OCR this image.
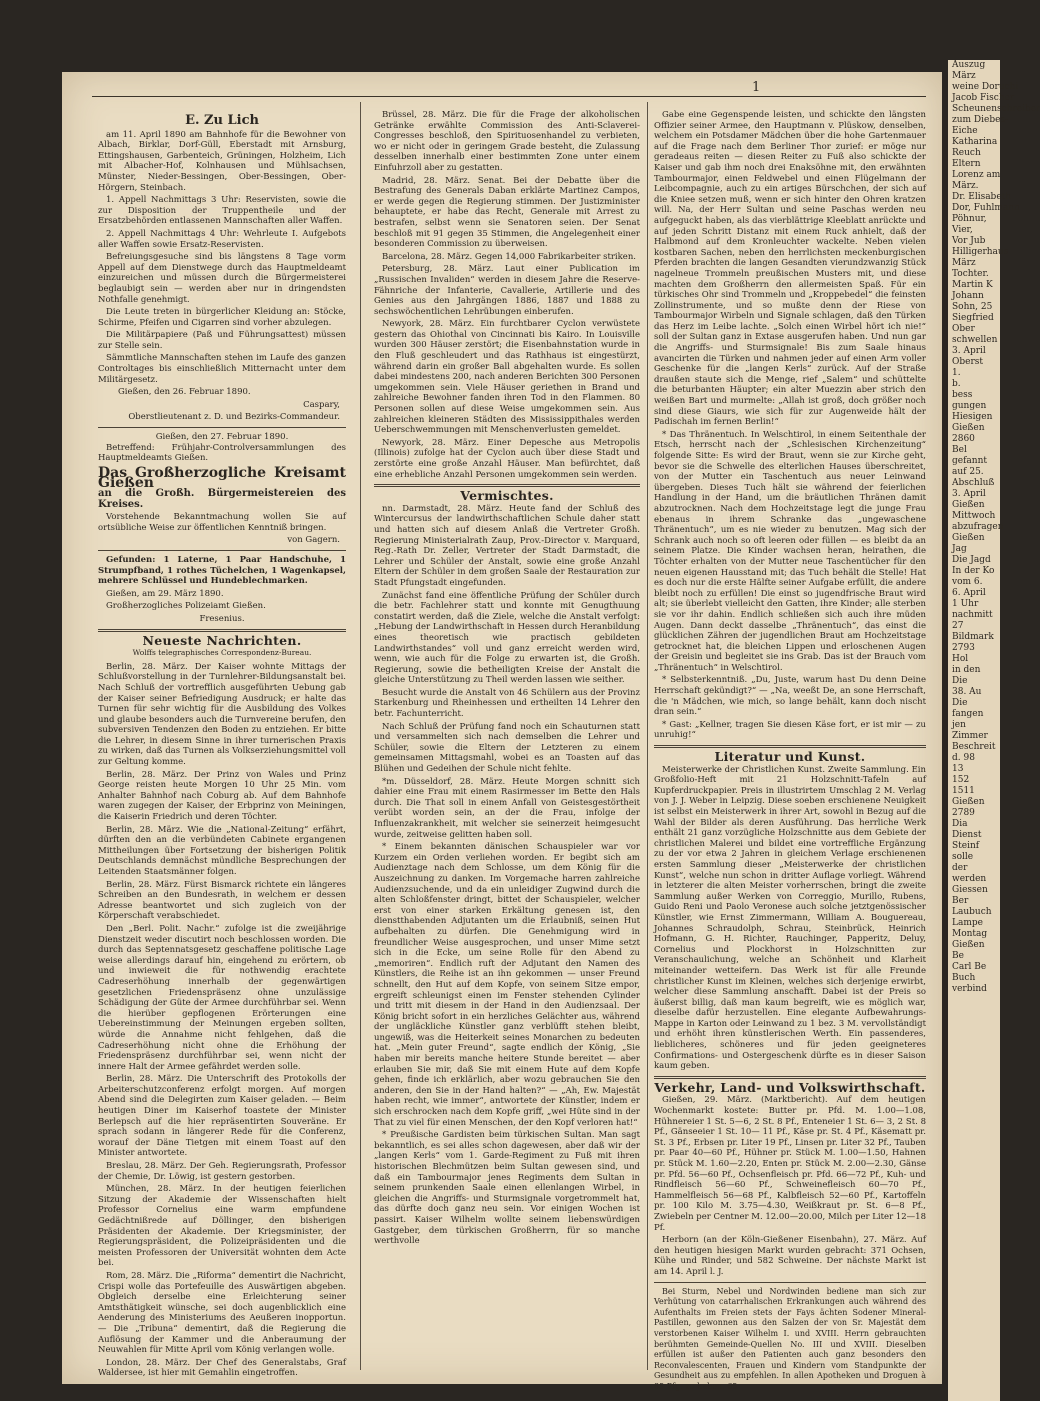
Auszug
März
weine Doruchi
Jacob Fischer
Scheunenschreiber
zum Diebes-
Eiche
Katharina
Reuch
Eltern
Lorenz am
März.
Dr. Elisabeth
Dor, Fuhlmann
Pöhnur,
Vier,
Vor Jub
Hilligerhaus
März
Tochter.
Martin K
Johann
Sohn, 25
Siegfried
Ober
schwellen
3. April
Oberst
1.
b.
bess
gungen
Hiesigen
Gießen
2860
Bel
gefannt
auf 25.
Abschluß
3. April
Gießen
Mittwoch
abzufragen
Gießen
Jag
Die Jagd
In der Ko
vom 6.
6. April
1 Uhr
nachmitt
27
Bildmark
2793
Hol
in den
Die
38. Au
Die
fangen
jen
Zimmer
Beschreit
d. 98
13
152
1511
Gießen
2789
Dia
Dienst
Steinf
solle
der
werden
Giessen
Ber
Laubuch
Lampe
Montag
Gießen
Be
Carl Be
Buch
verbind
1
E. Zu Lich
am 11. April 1890 am Bahnhofe für die Bewohner von Albach, Birklar, Dorf-Güll, Eberstadt mit Arnsburg, Ettingshausen, Garbenteich, Grüningen, Holzheim, Lich mit Albacher-Hof, Kolnhausen und Mühlsachsen, Münster, Nieder-Bessingen, Ober-Bessingen, Ober-Hörgern, Steinbach.
1. Appell Nachmittags 3 Uhr: Reservisten, sowie die zur Disposition der Truppentheile und der Ersatzbehörden entlassenen Mannschaften aller Waffen.
2. Appell Nachmittags 4 Uhr: Wehrleute I. Aufgebots aller Waffen sowie Ersatz-Reservisten.
Befreiungsgesuche sind bis längstens 8 Tage vorm Appell auf dem Dienstwege durch das Hauptmeldeamt einzureichen und müssen durch die Bürgermeisterei beglaubigt sein — werden aber nur in dringendsten Nothfalle genehmigt.
Die Leute treten in bürgerlicher Kleidung an: Stöcke, Schirme, Pfeifen und Cigarren sind vorher abzulegen.
Die Militärpapiere (Paß und Führungsattest) müssen zur Stelle sein.
Sämmtliche Mannschaften stehen im Laufe des ganzen Controltages bis einschließlich Mitternacht unter dem Militärgesetz.
Gießen, den 26. Februar 1890.
Caspary,
Oberstlieutenant z. D. und Bezirks-Commandeur.
Gießen, den 27. Februar 1890.
Betreffend: Frühjahr-Controlversammlungen des Hauptmeldeamts Gießen.
Das Großherzogliche Kreisamt Gießen
an die Großh. Bürgermeistereien des Kreises.
Vorstehende Bekanntmachung wollen Sie auf ortsübliche Weise zur öffentlichen Kenntniß bringen.
von Gagern.
Gefunden: 1 Laterne, 1 Paar Handschuhe, 1 Strumpfband, 1 rothes Tüchelchen, 1 Wagenkapsel, mehrere Schlüssel und Hundeblechmarken.
Gießen, am 29. März 1890.
Großherzogliches Polizeiamt Gießen.
Fresenius.
Neueste Nachrichten.
Wolffs telegraphisches Correspondenz-Bureau.
Berlin, 28. März. Der Kaiser wohnte Mittags der Schlußvorstellung in der Turnlehrer-Bildungsanstalt bei. Nach Schluß der vortrefflich ausgeführten Uebung gab der Kaiser seiner Befriedigung Ausdruck; er halte das Turnen für sehr wichtig für die Ausbildung des Volkes und glaube besonders auch die Turnvereine berufen, den subversiven Tendenzen den Boden zu entziehen. Er bitte die Lehrer, in diesem Sinne in ihrer turnerischen Praxis zu wirken, daß das Turnen als Volkserziehungsmittel voll zur Geltung komme.
Berlin, 28. März. Der Prinz von Wales und Prinz George reisten heute Morgen 10 Uhr 25 Min. vom Anhalter Bahnhof nach Coburg ab. Auf dem Bahnhofe waren zugegen der Kaiser, der Erbprinz von Meiningen, die Kaiserin Friedrich und deren Töchter.
Berlin, 28. März. Wie die „National-Zeitung“ erfährt, dürften den an die verbündeten Cabinete ergangenen Mittheilungen über Fortsetzung der bisherigen Politik Deutschlands demnächst mündliche Besprechungen der Leitenden Staatsmänner folgen.
Berlin, 28. März. Fürst Bismarck richtete ein längeres Schreiben an den Bundesrath, in welchem er dessen Adresse beantwortet und sich zugleich von der Körperschaft verabschiedet.
Den „Berl. Polit. Nachr.“ zufolge ist die zweijährige Dienstzeit weder discutirt noch beschlossen worden. Die durch das Septennatsgesetz geschaffene politische Lage weise allerdings darauf hin, eingehend zu erörtern, ob und inwieweit die für nothwendig erachtete Cadreserhöhung innerhalb der gegenwärtigen gesetzlichen Friedenspräsenz ohne unzulässige Schädigung der Güte der Armee durchführbar sei. Wenn die hierüber gepflogenen Erörterungen eine Uebereinstimmung der Meinungen ergeben sollten, würde die Annahme nicht fehlgehen, daß die Cadreserhöhung nicht ohne die Erhöhung der Friedenspräsenz durchführbar sei, wenn nicht der innere Halt der Armee gefährdet werden solle.
Berlin, 28. März. Die Unterschrift des Protokolls der Arbeiterschutzconferenz erfolgt morgen. Auf morgen Abend sind die Delegirten zum Kaiser geladen. — Beim heutigen Diner im Kaiserhof toastete der Minister Berlepsch auf die hier repräsentirten Souveräne. Er sprach sodann in längerer Rede für die Conferenz, worauf der Däne Tietgen mit einem Toast auf den Minister antwortete.
Breslau, 28. März. Der Geh. Regierungsrath, Professor der Chemie, Dr. Löwig, ist gestern gestorben.
München, 28. März. In der heutigen feierlichen Sitzung der Akademie der Wissenschaften hielt Professor Cornelius eine warm empfundene Gedächtnißrede auf Döllinger, den bisherigen Präsidenten der Akademie. Der Kriegsminister, der Regierungspräsident, die Polizeipräsidenten und die meisten Professoren der Universität wohnten dem Acte bei.
Rom, 28. März. Die „Riforma“ dementirt die Nachricht, Crispi wolle das Portefeuille des Auswärtigen abgeben. Obgleich derselbe eine Erleichterung seiner Amtsthätigkeit wünsche, sei doch augenblicklich eine Aenderung des Ministeriums des Aeußeren inopportun. — Die „Tribuna“ dementirt, daß die Regierung die Auflösung der Kammer und die Anberaumung der Neuwahlen für Mitte April vom König verlangen wolle.
London, 28. März. Der Chef des Generalstabs, Graf Waldersee, ist hier mit Gemahlin eingetroffen.
Brüssel, 28. März. Die für die Frage der alkoholischen Getränke erwählte Commission des Anti-Sclaverei-Congresses beschloß, den Spirituosenhandel zu verbieten, wo er nicht oder in geringem Grade besteht, die Zulassung desselben innerhalb einer bestimmten Zone unter einem Einfuhrzoll aber zu gestatten.
Madrid, 28. März. Senat. Bei der Debatte über die Bestrafung des Generals Daban erklärte Martinez Campos, er werde gegen die Regierung stimmen. Der Justizminister behauptete, er habe das Recht, Generale mit Arrest zu bestrafen, selbst wenn sie Senatoren seien. Der Senat beschloß mit 91 gegen 35 Stimmen, die Angelegenheit einer besonderen Commission zu überweisen.
Barcelona, 28. März. Gegen 14,000 Fabrikarbeiter striken.
Petersburg, 28. März. Laut einer Publication im „Russischen Invaliden“ werden in diesem Jahre die Reserve-Fähnriche der Infanterie, Cavallerie, Artillerie und des Genies aus den Jahrgängen 1886, 1887 und 1888 zu sechswöchentlichen Lehrübungen einberufen.
Newyork, 28. März. Ein furchtbarer Cyclon verwüstete gestern das Ohiothal von Cincinnati bis Kairo. In Louisville wurden 300 Häuser zerstört; die Eisenbahnstation wurde in den Fluß geschleudert und das Rathhaus ist eingestürzt, während darin ein großer Ball abgehalten wurde. Es sollen dabei mindestens 200, nach anderen Berichten 300 Personen umgekommen sein. Viele Häuser geriethen in Brand und zahlreiche Bewohner fanden ihren Tod in den Flammen. 80 Personen sollen auf diese Weise umgekommen sein. Aus zahlreichen kleineren Städten des Mississippithales werden Ueberschwemmungen mit Menschenverlusten gemeldet.
Newyork, 28. März. Einer Depesche aus Metropolis (Illinois) zufolge hat der Cyclon auch über diese Stadt und zerstörte eine große Anzahl Häuser. Man befürchtet, daß eine erhebliche Anzahl Personen umgekommen sein werden.
Vermischtes.
nn. Darmstadt, 28. März. Heute fand der Schluß des Wintercursus der landwirthschaftlichen Schule daher statt und hatten sich auf diesem Anlaß die Vertreter Großh. Regierung Ministerialrath Zaup, Prov.-Director v. Marquard, Reg.-Rath Dr. Zeller, Vertreter der Stadt Darmstadt, die Lehrer und Schüler der Anstalt, sowie eine große Anzahl Eltern der Schüler in dem großen Saale der Restauration zur Stadt Pfungstadt eingefunden.
Zunächst fand eine öffentliche Prüfung der Schüler durch die betr. Fachlehrer statt und konnte mit Genugthuung constatirt werden, daß die Ziele, welche die Anstalt verfolgt: „Hebung der Landwirthschaft in Hessen durch Heranbildung eines theoretisch wie practisch gebildeten Landwirthstandes“ voll und ganz erreicht werden wird, wenn, wie auch für die Folge zu erwarten ist, die Großh. Regierung, sowie die betheiligten Kreise der Anstalt die gleiche Unterstützung zu Theil werden lassen wie seither.
Besucht wurde die Anstalt von 46 Schülern aus der Provinz Starkenburg und Rheinhessen und ertheilten 14 Lehrer den betr. Fachunterricht.
Nach Schluß der Prüfung fand noch ein Schauturnen statt und versammelten sich nach demselben die Lehrer und Schüler, sowie die Eltern der Letzteren zu einem gemeinsamen Mittagsmahl, wobei es an Toasten auf das Blühen und Gedeihen der Schule nicht fehlte.
*m. Düsseldorf, 28. März. Heute Morgen schnitt sich dahier eine Frau mit einem Rasirmesser im Bette den Hals durch. Die That soll in einem Anfall von Geistesgestörtheit verübt worden sein, an der die Frau, infolge der Influenzakrankheit, mit welcher sie seinerzeit heimgesucht wurde, zeitweise gelitten haben soll.
* Einem bekannten dänischen Schauspieler war vor Kurzem ein Orden verliehen worden. Er begibt sich am Audienztage nach dem Schlosse, um dem König für die Auszeichnung zu danken. Im Vorgemache harren zahlreiche Audienzsuchende, und da ein unleidiger Zugwind durch die alten Schloßfenster dringt, bittet der Schauspieler, welcher erst von einer starken Erkältung genesen ist, den dienstthabenden Adjutanten um die Erlaubniß, seinen Hut aufbehalten zu dürfen. Die Genehmigung wird in freundlicher Weise ausgesprochen, und unser Mime setzt sich in die Ecke, um seine Rolle für den Abend zu „memoriren“. Endlich ruft der Adjutant den Namen des Künstlers, die Reihe ist an ihn gekommen — unser Freund schnellt, den Hut auf dem Kopfe, von seinem Sitze empor, ergreift schleunigst einen im Fenster stehenden Cylinder und tritt mit diesem in der Hand in den Audienzsaal. Der König bricht sofort in ein herzliches Gelächter aus, während der ungläckliche Künstler ganz verblüfft stehen bleibt, ungewiß, was die Heiterkeit seines Monarchen zu bedeuten hat. „Mein guter Freund“, sagte endlich der König, „Sie haben mir bereits manche heitere Stunde bereitet — aber erlauben Sie mir, daß Sie mit einem Hute auf dem Kopfe gehen, finde ich erklärlich, aber wozu gebrauchen Sie den anderen, den Sie in der Hand halten?“ — „Ah, Ew. Majestät haben recht, wie immer“, antwortete der Künstler, indem er sich erschrocken nach dem Kopfe griff, „wei Hüte sind in der That zu viel für einen Menschen, der den Kopf verloren hat!“
* Preußische Gardisten beim türkischen Sultan. Man sagt bekanntlich, es sei alles schon dagewesen, aber daß wir der „langen Kerls“ vom 1. Garde-Regiment zu Fuß mit ihren historischen Blechmützen beim Sultan gewesen sind, und daß ein Tambourmajor jenes Regiments dem Sultan in seinem prunkenden Saale einen ellenlangen Wirbel, in gleichen die Angriffs- und Sturmsignale vorgetrommelt hat, das dürfte doch ganz neu sein. Vor einigen Wochen ist passirt. Kaiser Wilhelm wollte seinem liebenswürdigen Gastgeber, dem türkischen Großherrn, für so manche werthvolle
Gabe eine Gegenspende leisten, und schickte den längsten Offizier seiner Armee, den Hauptmann v. Plüskow, denselben, welchem ein Potsdamer Mädchen über die hohe Gartenmauer auf die Frage nach dem Berliner Thor zurief: er möge nur geradeaus reiten — diesen Reiter zu Fuß also schickte der Kaiser und gab ihm noch drei Enaksöhne mit, den erwähnten Tambourmajor, einen Feldwebel und einen Flügelmann der Leibcompagnie, auch zu ein artiges Bürschchen, der sich auf die Kniee setzen muß, wenn er sich hinter den Ohren kratzen will. Na, der Herr Sultan und seine Paschas werden neu aufgeguckt haben, als das vierblättrige Kleeblatt anrückte und auf jeden Schritt Distanz mit einem Ruck anhielt, daß der Halbmond auf dem Kronleuchter wackelte. Neben vielen kostbaren Sachen, neben den herrlichsten meckenburgischen Pferden brachten die langen Gesandten vierundzwanzig Stück nagelneue Trommeln preußischen Musters mit, und diese machten dem Großherrn den allermeisten Spaß. Für ein türkisches Ohr sind Trommeln und „Kroppebedel“ die feinsten Zollinstrumente, und so mußte denn der Riese von Tambourmajor Wirbeln und Signale schlagen, daß den Türken das Herz im Leibe lachte. „Solch einen Wirbel hört ich nie!“ soll der Sultan ganz in Extase ausgerufen haben. Und nun gar die Angriffs- und Sturmsignale! Bis zum Saale hinaus avancirten die Türken und nahmen jeder auf einen Arm voller Geschenke für die „langen Kerls“ zurück. Auf der Straße draußen staute sich die Menge, rief „Salem“ und schüttelte die beturbanten Häupter; ein alter Muezzin aber strich den weißen Bart und murmelte: „Allah ist groß, doch größer noch sind diese Giaurs, wie sich für zur Augenweide hält der Padischah im fernen Berlin!“
* Das Thränentuch. In Welschtirol, in einem Seitenthale der Etsch, herrscht nach der „Schlesischen Kirchenzeitung“ folgende Sitte: Es wird der Braut, wenn sie zur Kirche geht, bevor sie die Schwelle des elterlichen Hauses überschreitet, von der Mutter ein Taschentuch aus neuer Leinwand übergeben. Dieses Tuch hält sie während der feierlichen Handlung in der Hand, um die bräutlichen Thränen damit abzutrocknen. Nach dem Hochzeitstage legt die junge Frau ebenaus in ihrem Schranke das „ungewaschene Thränentuch“, um es nie wieder zu benutzen. Mag sich der Schrank auch noch so oft leeren oder füllen — es bleibt da an seinem Platze. Die Kinder wachsen heran, heirathen, die Töchter erhalten von der Mutter neue Taschentücher für den neuen eigenen Hausstand mit; das Tuch behält die Stelle! Hat es doch nur die erste Hälfte seiner Aufgabe erfüllt, die andere bleibt noch zu erfüllen! Die einst so jugendfrische Braut wird alt; sie überlebt vielleicht den Gatten, ihre Kinder; alle sterben sie vor ihr dahin. Endlich schließen sich auch ihre müden Augen. Dann deckt dasselbe „Thränentuch“, das einst die glücklichen Zähren der jugendlichen Braut am Hochzeitstage getrocknet hat, die bleichen Lippen und erloschenen Augen der Greisin und begleitet sie ins Grab. Das ist der Brauch vom „Thränentuch“ in Welschtirol.
* Selbsterkenntniß. „Du, Juste, warum hast Du denn Deine Herrschaft gekündigt?“ — „Na, weeßt De, an sone Herrschaft, die 'n Mädchen, wie mich, so lange behält, kann doch nischt dran sein.“
* Gast: „Kellner, tragen Sie diesen Käse fort, er ist mir — zu unruhig!“
Literatur und Kunst.
Meisterwerke der Christlichen Kunst. Zweite Sammlung. Ein Großfolio-Heft mit 21 Holzschnitt-Tafeln auf Kupferdruckpapier. Preis in illustrirtem Umschlag 2 M. Verlag von J. J. Weber in Leipzig. Diese soeben erschienene Neuigkeit ist selbst ein Meisterwerk in ihrer Art, sowohl in Bezug auf die Wahl der Bilder als deren Ausführung. Das herrliche Werk enthält 21 ganz vorzügliche Holzschnitte aus dem Gebiete der christlichen Malerei und bildet eine vortreffliche Ergänzung zu der vor etwa 2 Jahren in gleichem Verlage erschienenen ersten Sammlung dieser „Meisterwerke der christlichen Kunst“, welche nun schon in dritter Auflage vorliegt. Während in letzterer die alten Meister vorherrschen, bringt die zweite Sammlung außer Werken von Correggio, Murillo, Rubens, Guido Reni und Paolo Veronese auch solche jetztgenössischer Künstler, wie Ernst Zimmermann, William A. Bouguereau, Johannes Schraudolph, Schrau, Steinbrück, Heinrich Hofmann, G. H. Richter, Rauchinger, Papperitz, Deluy, Cornelius und Plockhorst in Holzschnitten zur Veranschaulichung, welche an Schönheit und Klarheit miteinander wetteifern. Das Werk ist für alle Freunde christlicher Kunst im Kleinen, welches sich derjenige erwirbt, welcher diese Sammlung anschafft. Dabei ist der Preis so äußerst billig, daß man kaum begreift, wie es möglich war, dieselbe dafür herzustellen. Eine elegante Aufbewahrungs-Mappe in Karton oder Leinwand zu 1 bez. 3 M. vervollständigt und erhöht ihren künstlerischen Werth. Ein passenderes, lieblicheres, schöneres und für jeden geeigneteres Confirmations- und Ostergeschenk dürfte es in dieser Saison kaum geben.
Verkehr, Land- und Volkswirthschaft.
Gießen, 29. März. (Marktbericht). Auf dem heutigen Wochenmarkt kostete: Butter pr. Pfd. M. 1.00—1.08, Hühnereier 1 St. 5—6, 2 St. 8 Pf., Enteneier 1 St. 6— 3, 2 St. 8 Pf., Gänseeier 1 St. 10— 11 Pf., Käse pr. St. 4 Pf., Käsematt pr. St. 3 Pf., Erbsen pr. Liter 19 Pf., Linsen pr. Liter 32 Pf., Tauben pr. Paar 40—60 Pf., Hühner pr. Stück M. 1.00—1.50, Hahnen pr. Stück M. 1.60—2.20, Enten pr. Stück M. 2.00—2.30, Gänse pr. Pfd. 56—60 Pf., Ochsenfleisch pr. Pfd. 66—72 Pf., Kuh- und Rindfleisch 56—60 Pf., Schweinefleisch 60—70 Pf., Hammelfleisch 56—68 Pf., Kalbfleisch 52—60 Pf., Kartoffeln pr. 100 Kilo M. 3.75—4.30, Weißkraut pr. St. 6—8 Pf., Zwiebeln per Centner M. 12.00—20.00, Milch per Liter 12—18 Pf.
Herborn (an der Köln-Gießener Eisenbahn), 27. März. Auf den heutigen hiesigen Markt wurden gebracht: 371 Ochsen, Kühe und Rinder, und 582 Schweine. Der nächste Markt ist am 14. April l. J.
Bei Sturm, Nebel und Nordwinden bediene man sich zur Verhütung von catarrhalischen Erkrankungen auch während des Aufenthalts im Freien stets der Fays ächten Sodener Mineral-Pastillen, gewonnen aus den Salzen der von Sr. Majestät dem verstorbenen Kaiser Wilhelm I. und XVIII. Herrn gebrauchten berühmten Gemeinde-Quellen No. III und XVIII. Dieselben erfüllen ist außer den Patienten auch ganz besonders den Reconvalescenten, Frauen und Kindern vom Standpunkte der Gesundheit aus zu empfehlen. In allen Apotheken und Droguen à 85 Pfg. zu haben. 65
